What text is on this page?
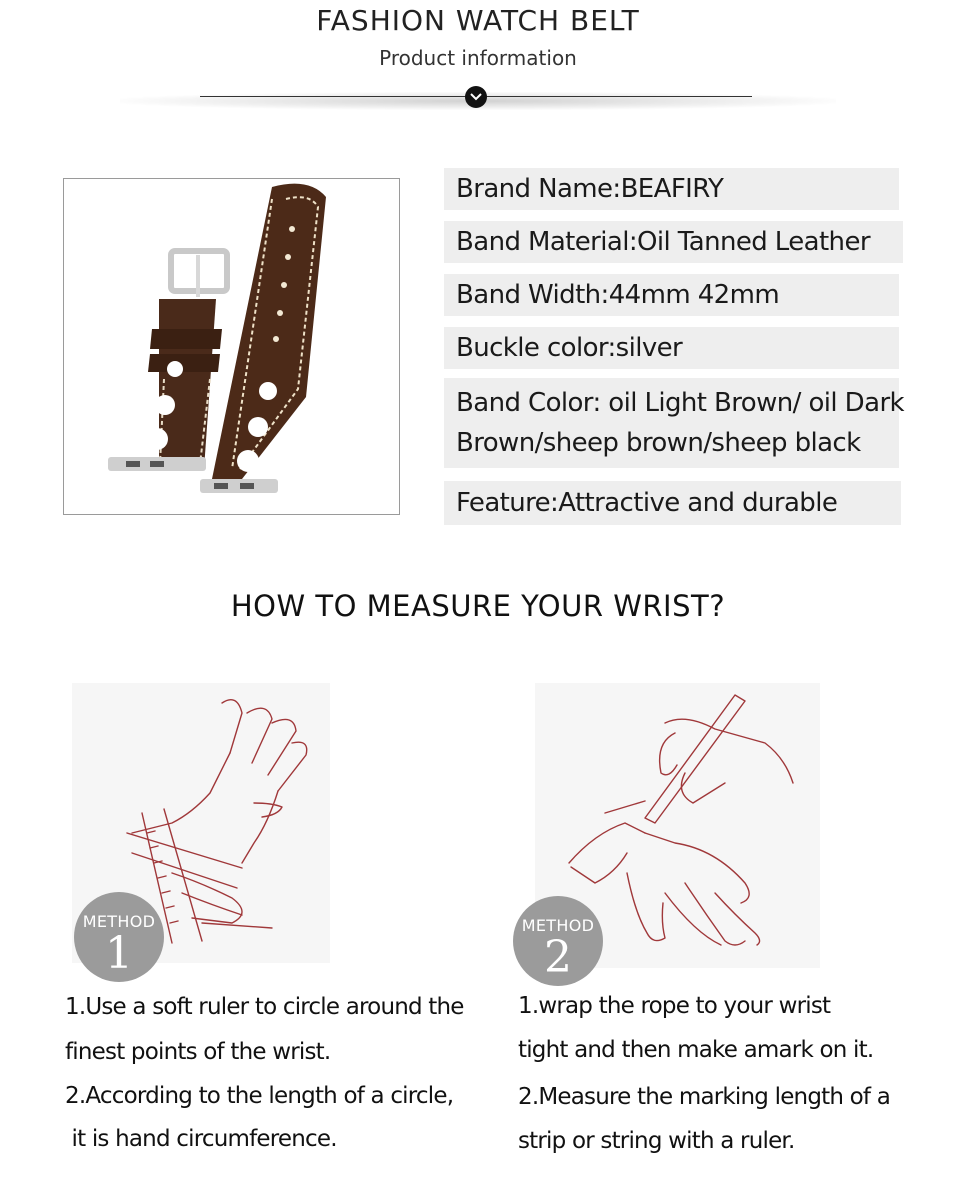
FASHION WATCH BELT
Product information
Brand Name:BEAFIRY
Band Material:Oil Tanned Leather
Band Width:44mm 42mm
Buckle color:silver
Band Color: oil Light Brown/ oil Dark
Brown/sheep brown/sheep black
Feature:Attractive and durable
HOW TO MEASURE YOUR WRIST?
METHOD
1
METHOD
2
1.Use a soft ruler to circle around the
finest points of the wrist.
2.According to the length of a circle,
it is hand circumference.
1.wrap the rope to your wrist
tight and then make amark on it.
2.Measure the marking length of a
strip or string with a ruler.
